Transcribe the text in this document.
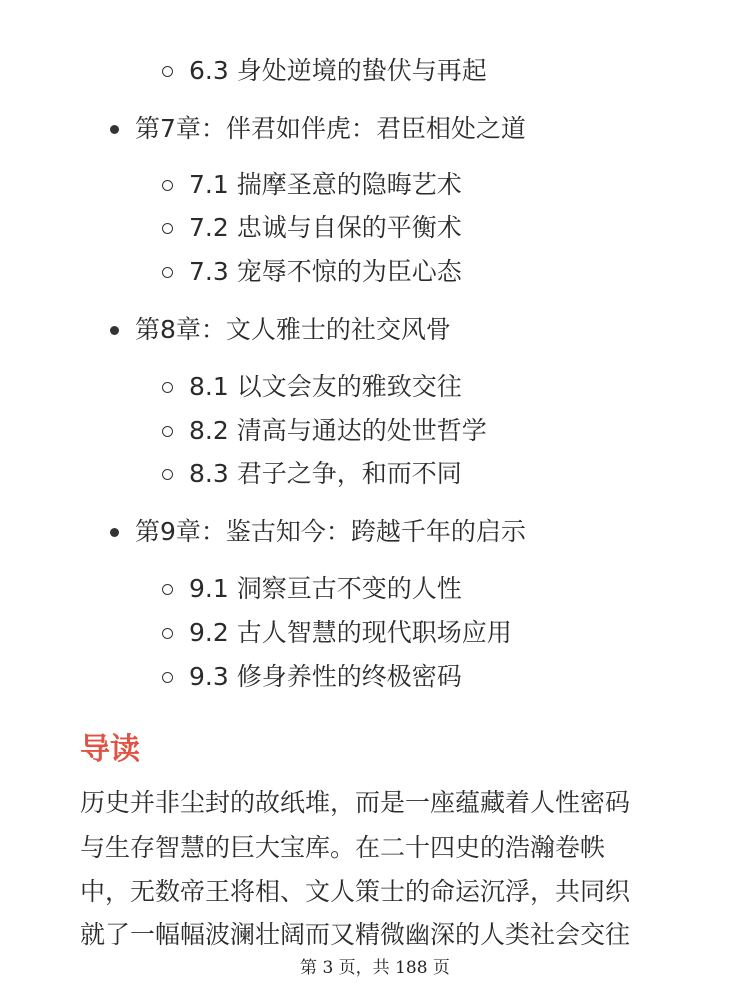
6.3 身处逆境的蛰伏与再起
第7章：伴君如伴虎：君臣相处之道
7.1 揣摩圣意的隐晦艺术
7.2 忠诚与自保的平衡术
7.3 宠辱不惊的为臣心态
第8章：文人雅士的社交风骨
8.1 以文会友的雅致交往
8.2 清高与通达的处世哲学
8.3 君子之争，和而不同
第9章：鉴古知今：跨越千年的启示
9.1 洞察亘古不变的人性
9.2 古人智慧的现代职场应用
9.3 修身养性的终极密码
导读
历史并非尘封的故纸堆，而是一座蕴藏着人性密码
与生存智慧的巨大宝库。在二十四史的浩瀚卷帙
中，无数帝王将相、文人策士的命运沉浮，共同织
就了一幅幅波澜壮阔而又精微幽深的人类社会交往
第 3 页，共 188 页
